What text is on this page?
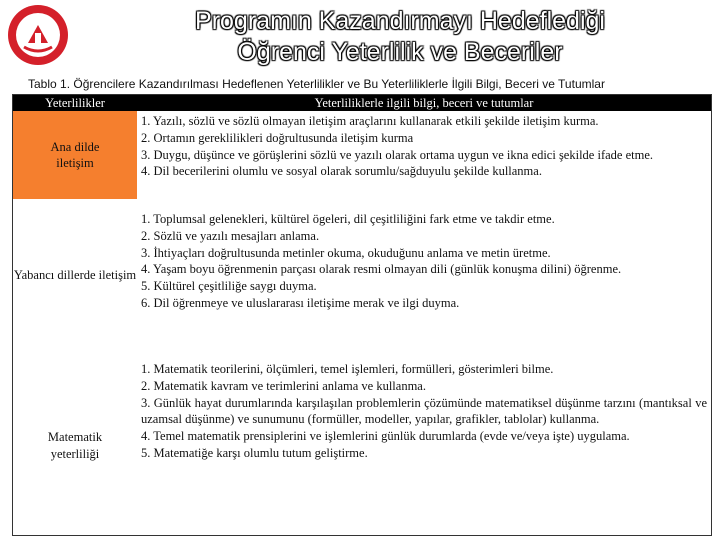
Programın Kazandırmayı Hedeflediği
Öğrenci Yeterlilik ve Beceriler
Tablo 1. Öğrencilere Kazandırılması Hedeflenen Yeterlilikler ve Bu Yeterliliklerle İlgili Bilgi, Beceri ve Tutumlar
Yeterlilikler	Yeterliliklerle ilgili bilgi, beceri ve tutumlar
Ana dilde iletişim

1. Yazılı, sözlü ve sözlü olmayan iletişim araçlarını kullanarak etkili şekilde iletişim kurma.

2. Ortamın gereklilikleri doğrultusunda iletişim kurma

3. Duygu, düşünce ve görüşlerini sözlü ve yazılı olarak ortama uygun ve ikna edici şekilde ifade etme.

4. Dil becerilerini olumlu ve sosyal olarak sorumlu/sağduyulu şekilde kullanma.

Yabancı dillerde iletişim

1. Toplumsal gelenekleri, kültürel ögeleri, dil çeşitliliğini fark etme ve takdir etme.

2. Sözlü ve yazılı mesajları anlama.

3. İhtiyaçları doğrultusunda metinler okuma, okuduğunu anlama ve metin üretme.

4. Yaşam boyu öğrenmenin parçası olarak resmi olmayan dili (günlük konuşma dilini) öğrenme.

5. Kültürel çeşitliliğe saygı duyma.

6. Dil öğrenmeye ve uluslararası iletişime merak ve ilgi duyma.

Matematik yeterliliği

1. Matematik teorilerini, ölçümleri, temel işlemleri, formülleri, gösterimleri bilme.

2. Matematik kavram ve terimlerini anlama ve kullanma.

3. Günlük hayat durumlarında karşılaşılan problemlerin çözümünde matematiksel düşünme tarzını (mantıksal ve uzamsal düşünme) ve sunumunu (formüller, modeller, yapılar, grafikler, tablolar) kullanma.

4. Temel matematik prensiplerini ve işlemlerini günlük durumlarda (evde ve/veya işte) uygulama.

5. Matematiğe karşı olumlu tutum geliştirme.
